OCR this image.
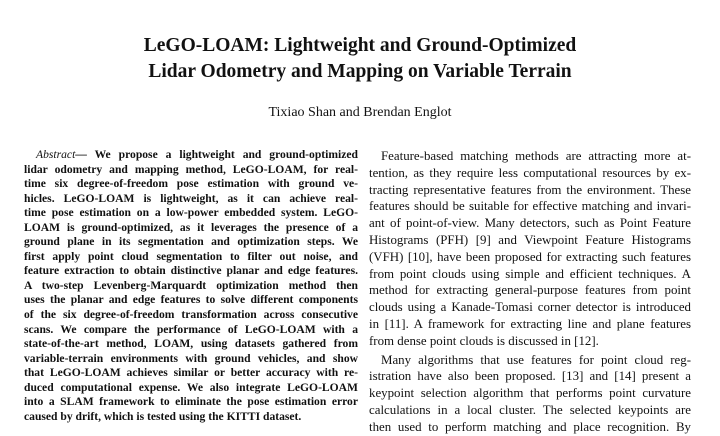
LeGO-LOAM: Lightweight and Ground-Optimized
Lidar Odometry and Mapping on Variable Terrain
Tixiao Shan and Brendan Englot
Abstract— We propose a lightweight and ground-optimized
lidar odometry and mapping method, LeGO-LOAM, for real-
time six degree-of-freedom pose estimation with ground ve-
hicles. LeGO-LOAM is lightweight, as it can achieve real-
time pose estimation on a low-power embedded system. LeGO-
LOAM is ground-optimized, as it leverages the presence of a
ground plane in its segmentation and optimization steps. We
first apply point cloud segmentation to filter out noise, and
feature extraction to obtain distinctive planar and edge features.
A two-step Levenberg-Marquardt optimization method then
uses the planar and edge features to solve different components
of the six degree-of-freedom transformation across consecutive
scans. We compare the performance of LeGO-LOAM with a
state-of-the-art method, LOAM, using datasets gathered from
variable-terrain environments with ground vehicles, and show
that LeGO-LOAM achieves similar or better accuracy with re-
duced computational expense. We also integrate LeGO-LOAM
into a SLAM framework to eliminate the pose estimation error
caused by drift, which is tested using the KITTI dataset.
Feature-based matching methods are attracting more at-
tention, as they require less computational resources by ex-
tracting representative features from the environment. These
features should be suitable for effective matching and invari-
ant of point-of-view. Many detectors, such as Point Feature
Histograms (PFH) [9] and Viewpoint Feature Histograms
(VFH) [10], have been proposed for extracting such features
from point clouds using simple and efficient techniques. A
method for extracting general-purpose features from point
clouds using a Kanade-Tomasi corner detector is introduced
in [11]. A framework for extracting line and plane features
from dense point clouds is discussed in [12].
Many algorithms that use features for point cloud reg-
istration have also been proposed. [13] and [14] present a
keypoint selection algorithm that performs point curvature
calculations in a local cluster. The selected keypoints are
then used to perform matching and place recognition. By
